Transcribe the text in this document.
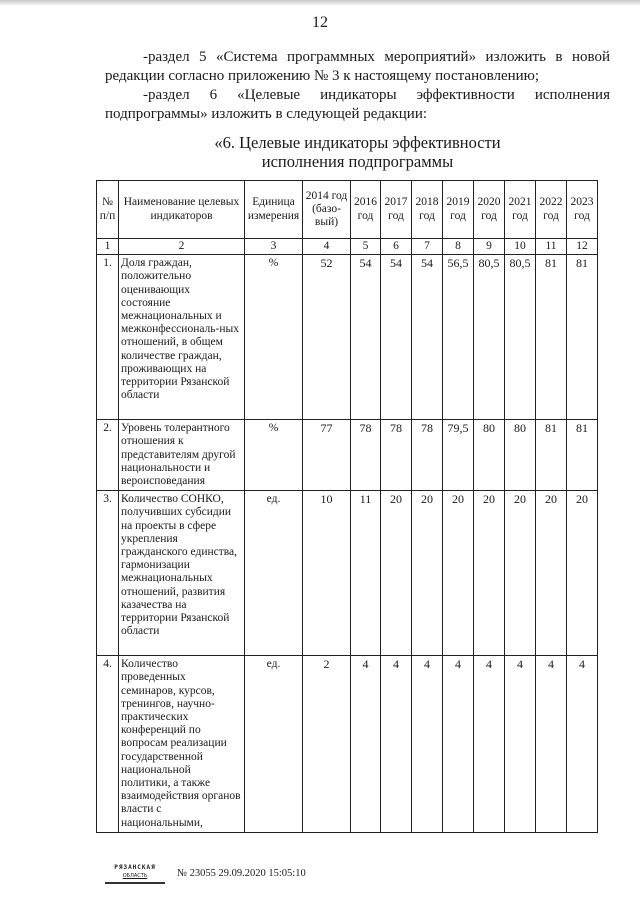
12
-раздел 5 «Система программных мероприятий» изложить в новой редакции согласно приложению № 3 к настоящему постановлению;
-раздел 6 «Целевые индикаторы эффективности исполнения подпрограммы» изложить в следующей редакции:
«6. Целевые индикаторы эффективности
исполнения подпрограммы
№ п/п	Наименование целевых индикаторов	Единица измерения	2014 год (базо-вый)	2016 год	2017 год	2018 год	2019 год	2020 год	2021 год	2022 год	2023 год
1	2	3	4	5	6	7	8	9	10	11	12
1.	Доля граждан, положительно оценивающих состояние межнациональных и межконфессиональ-ных отношений, в общем количестве граждан, проживающих на территории Рязанской области	%	52	54	54	54	56,5	80,5	80,5	81	81
2.	Уровень толерантного отношения к представителям другой национальности и вероисповедания	%	77	78	78	78	79,5	80	80	81	81
3.	Количество СОНКО, получивших субсидии на проекты в сфере укрепления гражданского единства, гармонизации межнациональных отношений, развития казачества на территории Рязанской области	ед.	10	11	20	20	20	20	20	20	20
4.	Количество проведенных семинаров, курсов, тренингов, научно-практических конференций по вопросам реализации государственной национальной политики, а также взаимодействия органов власти с национальными,	ед.	2	4	4	4	4	4	4	4	4
РЯЗАНСКАЯ
ОБЛАСТЬ	№ 23055 29.09.2020 15:05:10
